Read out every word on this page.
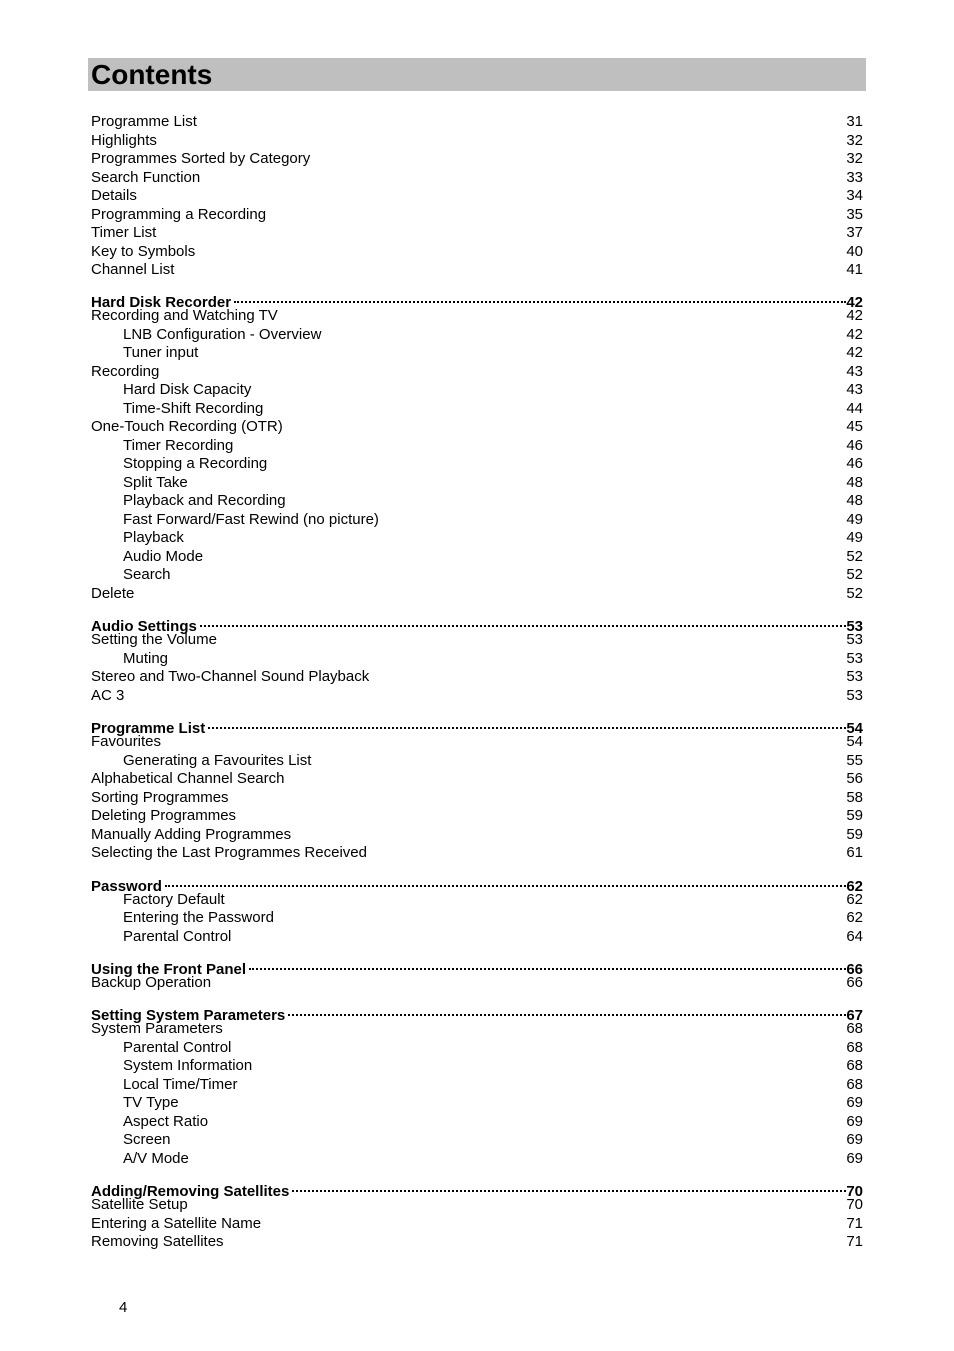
Contents
Programme List	31
Highlights	32
Programmes Sorted by Category	32
Search Function	33
Details	34
Programming a Recording	35
Timer List	37
Key to Symbols	40
Channel List	41
Hard Disk Recorder	42
Recording and Watching TV	42
LNB Configuration - Overview	42
Tuner input	42
Recording	43
Hard Disk Capacity	43
Time-Shift Recording	44
One-Touch Recording (OTR)	45
Timer Recording	46
Stopping a Recording	46
Split Take	48
Playback and Recording	48
Fast Forward/Fast Rewind (no picture)	49
Playback	49
Audio Mode	52
Search	52
Delete	52
Audio Settings	53
Setting the Volume	53
Muting	53
Stereo and Two-Channel Sound Playback	53
AC 3	53
Programme List	54
Favourites	54
Generating a Favourites List	55
Alphabetical Channel Search	56
Sorting Programmes	58
Deleting Programmes	59
Manually Adding Programmes	59
Selecting the Last Programmes Received	61
Password	62
Factory Default	62
Entering the Password	62
Parental Control	64
Using the Front Panel	66
Backup Operation	66
Setting System Parameters	67
System Parameters	68
Parental Control	68
System Information	68
Local Time/Timer	68
TV Type	69
Aspect Ratio	69
Screen	69
A/V Mode	69
Adding/Removing Satellites	70
Satellite Setup	70
Entering a Satellite Name	71
Removing Satellites	71
4
